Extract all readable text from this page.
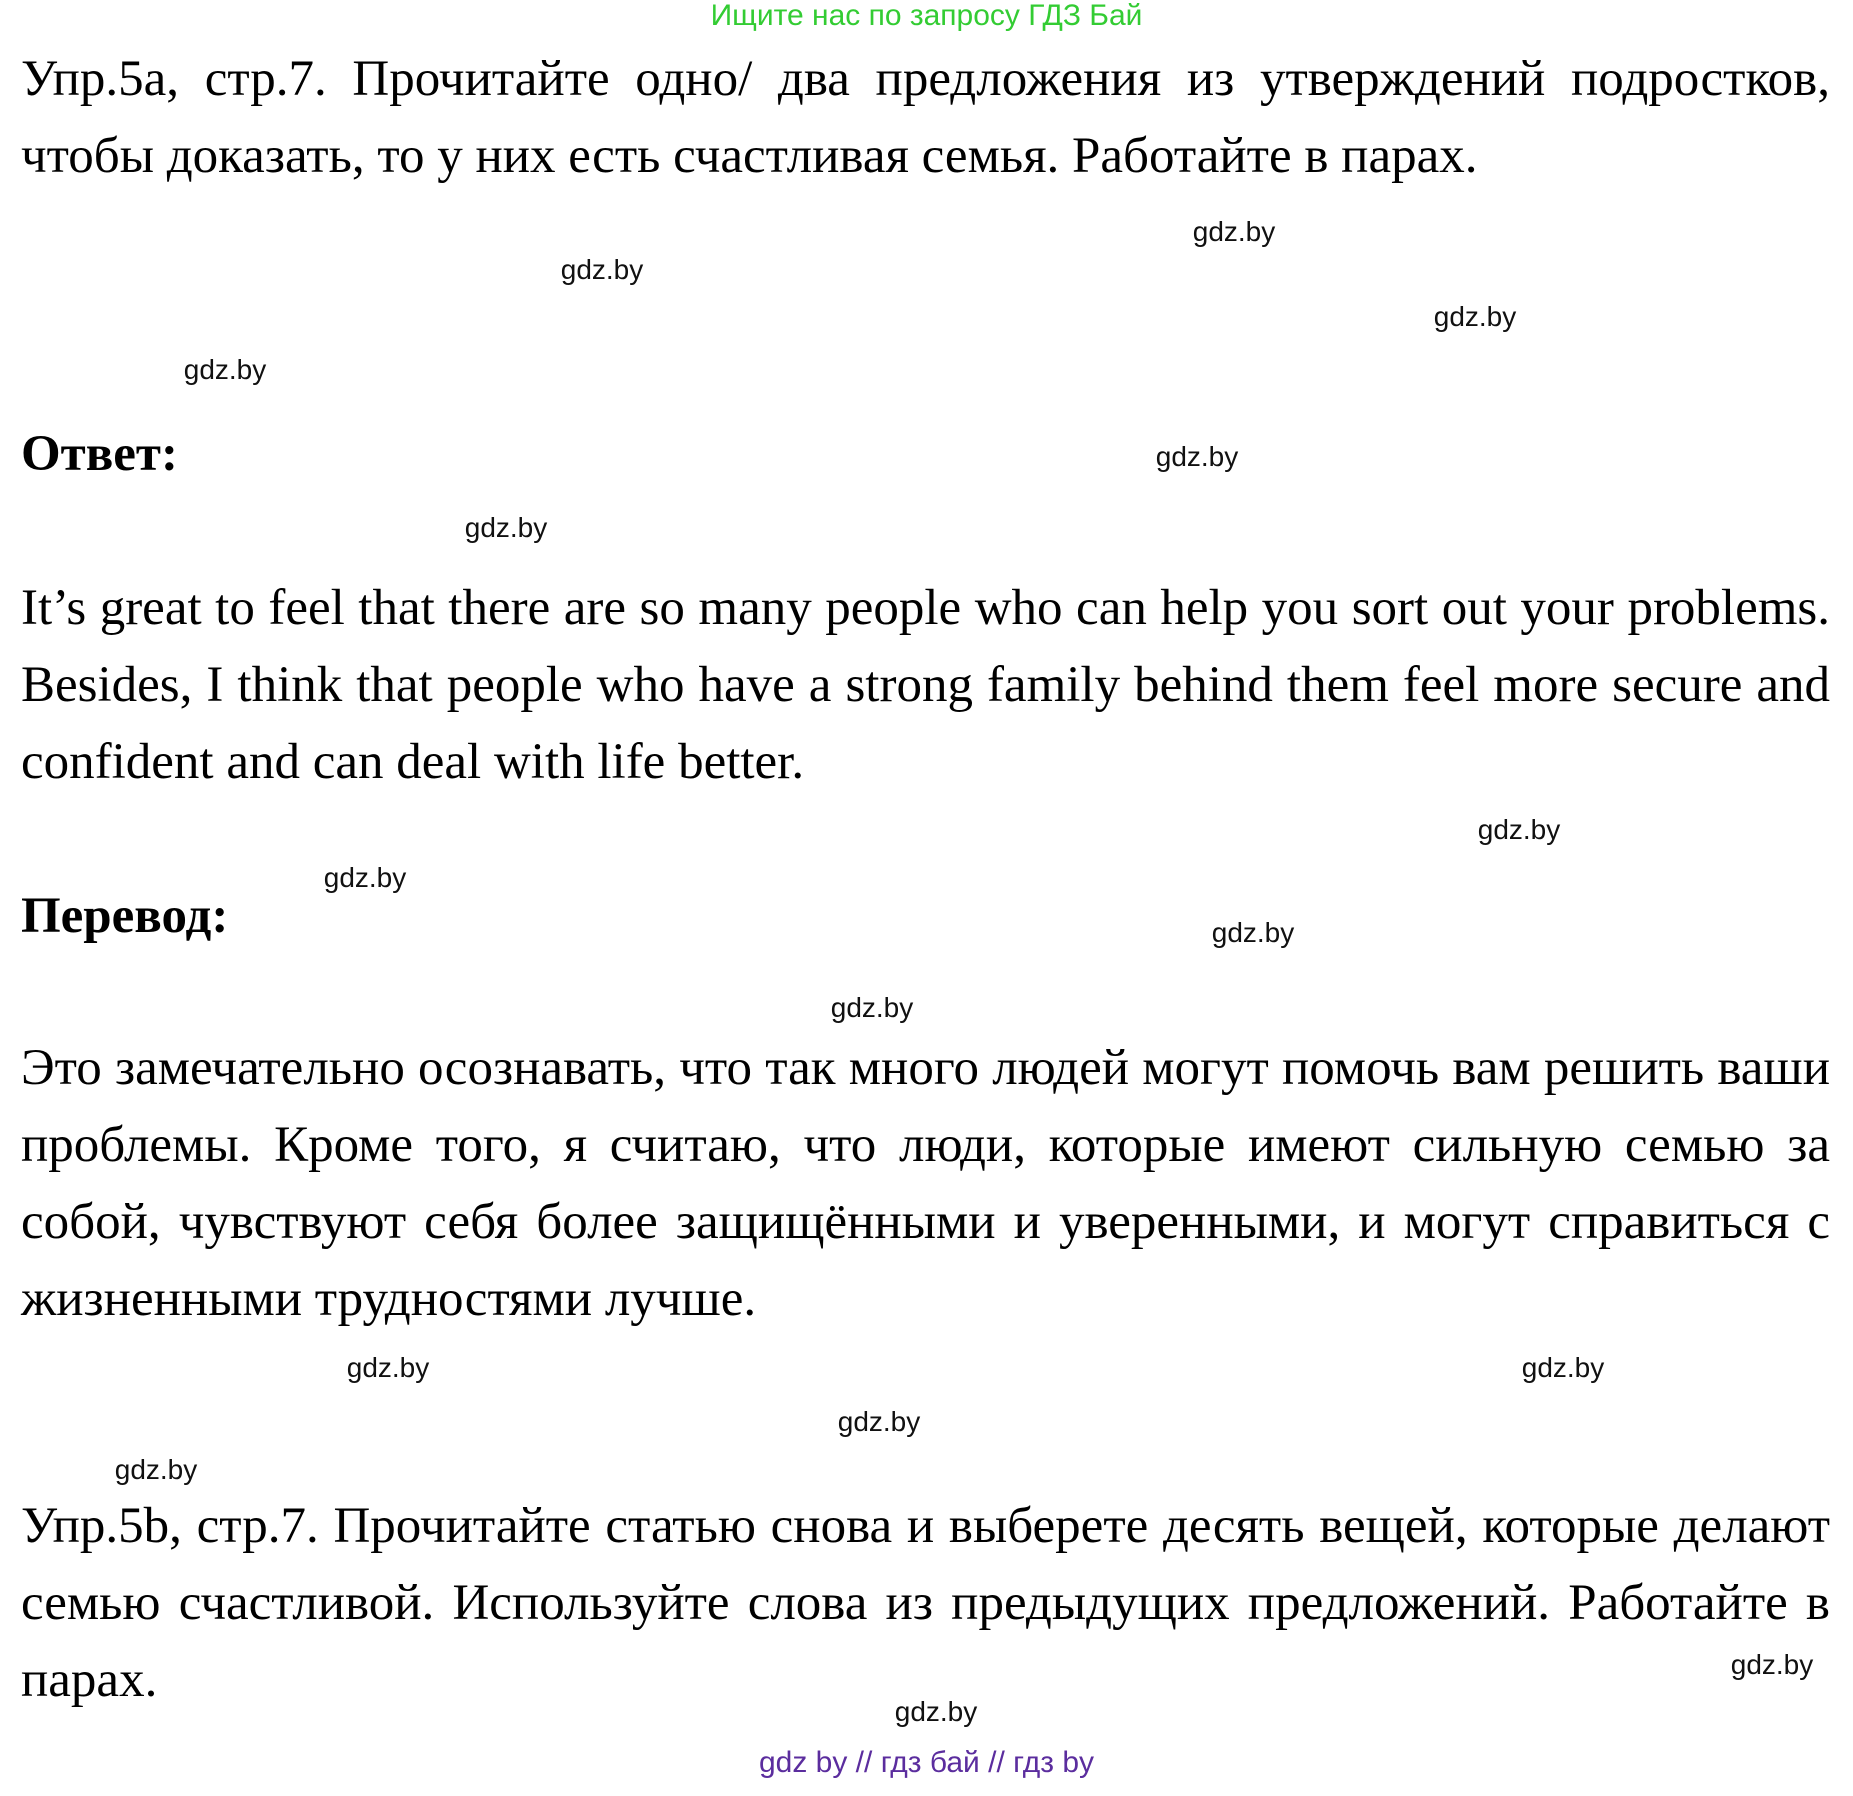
Ищите нас по запросу ГДЗ Бай

Упр.5а, стр.7. Прочитайте одно/ два предложения из утверждений подростков, чтобы доказать, то у них есть счастливая семья. Работайте в парах.

Ответ:

It’s great to feel that there are so many people who can help you sort out your problems. Besides, I think that people who have a strong family behind them feel more secure and confident and can deal with life better.

Перевод:

Это замечательно осознавать, что так много людей могут помочь вам решить ваши проблемы. Кроме того, я считаю, что люди, которые имеют сильную семью за собой, чувствуют себя более защищёнными и уверенными, и могут справиться с жизненными трудностями лучше.

Упр.5b, стр.7. Прочитайте статью снова и выберете десять вещей, которые делают семью счастливой. Используйте слова из предыдущих предложений. Работайте в парах.

gdz by // гдз бай // гдз by
gdz.by
gdz.by
gdz.by
gdz.by
gdz.by
gdz.by
gdz.by
gdz.by
gdz.by
gdz.by
gdz.by
gdz.by
gdz.by
gdz.by
gdz.by
gdz.by
